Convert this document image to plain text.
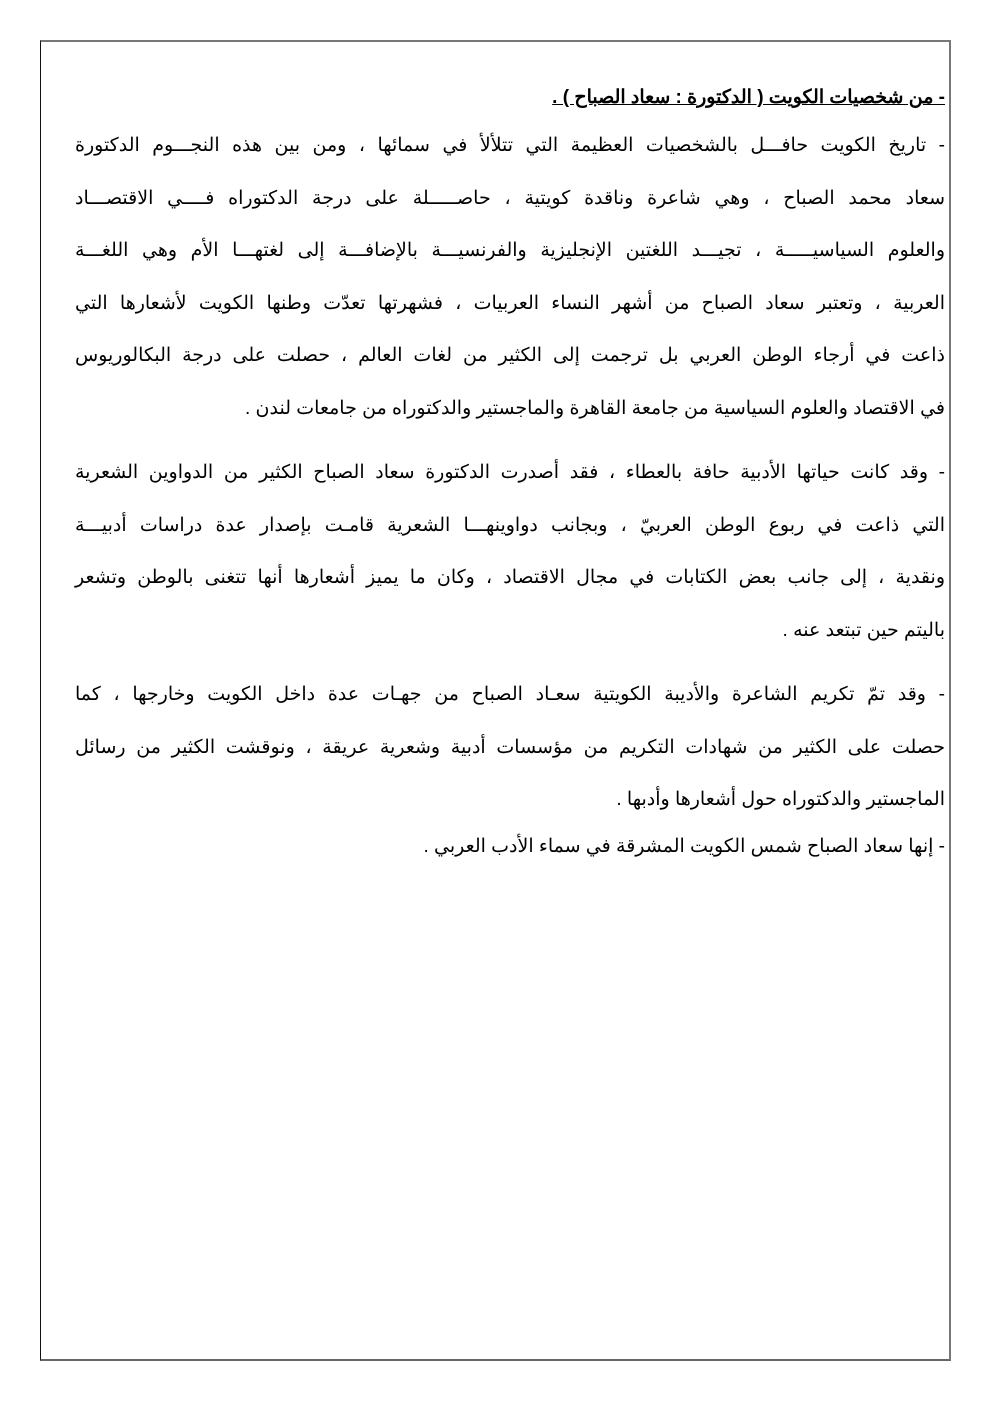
- من شخصيات الكويت ( الدكتورة : سعاد الصباح ) .
- تاريخ الكويت حافـــل بالشخصيات العظيمة التي تتلألأ في سمائها ، ومن بين هذه النجـــوم الدكتورة
سعاد محمد الصباح ، وهي شاعرة وناقدة كويتية ، حاصـــــلة على درجة الدكتوراه فــــي الاقتصـــاد
والعلوم السياسيـــــة ، تجيـــد اللغتين الإنجليزية والفرنسيـــة بالإضافـــة إلى لغتهـــا الأم وهي اللغـــة
العربية ، وتعتبر سعاد الصباح من أشهر النساء العربيات ، فشهرتها تعدّت وطنها الكويت لأشعارها التي
ذاعت في أرجاء الوطن العربي بل ترجمت إلى الكثير من لغات العالم ، حصلت على درجة البكالوريوس
في الاقتصاد والعلوم السياسية من جامعة القاهرة والماجستير والدكتوراه من جامعات لندن .
- وقد كانت حياتها الأدبية حافة بالعطاء ، فقد أصدرت الدكتورة سعاد الصباح الكثير من الدواوين الشعرية
التي ذاعت في ربوع الوطن العربيّ ، وبجانب دواوينهـــا الشعرية قامـت بإصدار عدة دراسات أدبيـــة
ونقدية ، إلى جانب بعض الكتابات في مجال الاقتصاد ، وكان ما يميز أشعارها أنها تتغنى بالوطن وتشعر
باليتم حين تبتعد عنه .
- وقد تمّ تكريم الشاعرة والأديبة الكويتية سعـاد الصباح من جهـات عدة داخل الكويت وخارجها ، كما
حصلت على الكثير من شهادات التكريم من مؤسسات أدبية وشعرية عريقة ، ونوقشت الكثير من رسائل
الماجستير والدكتوراه حول أشعارها وأدبها .
- إنها سعاد الصباح شمس الكويت المشرقة في سماء الأدب العربي .
